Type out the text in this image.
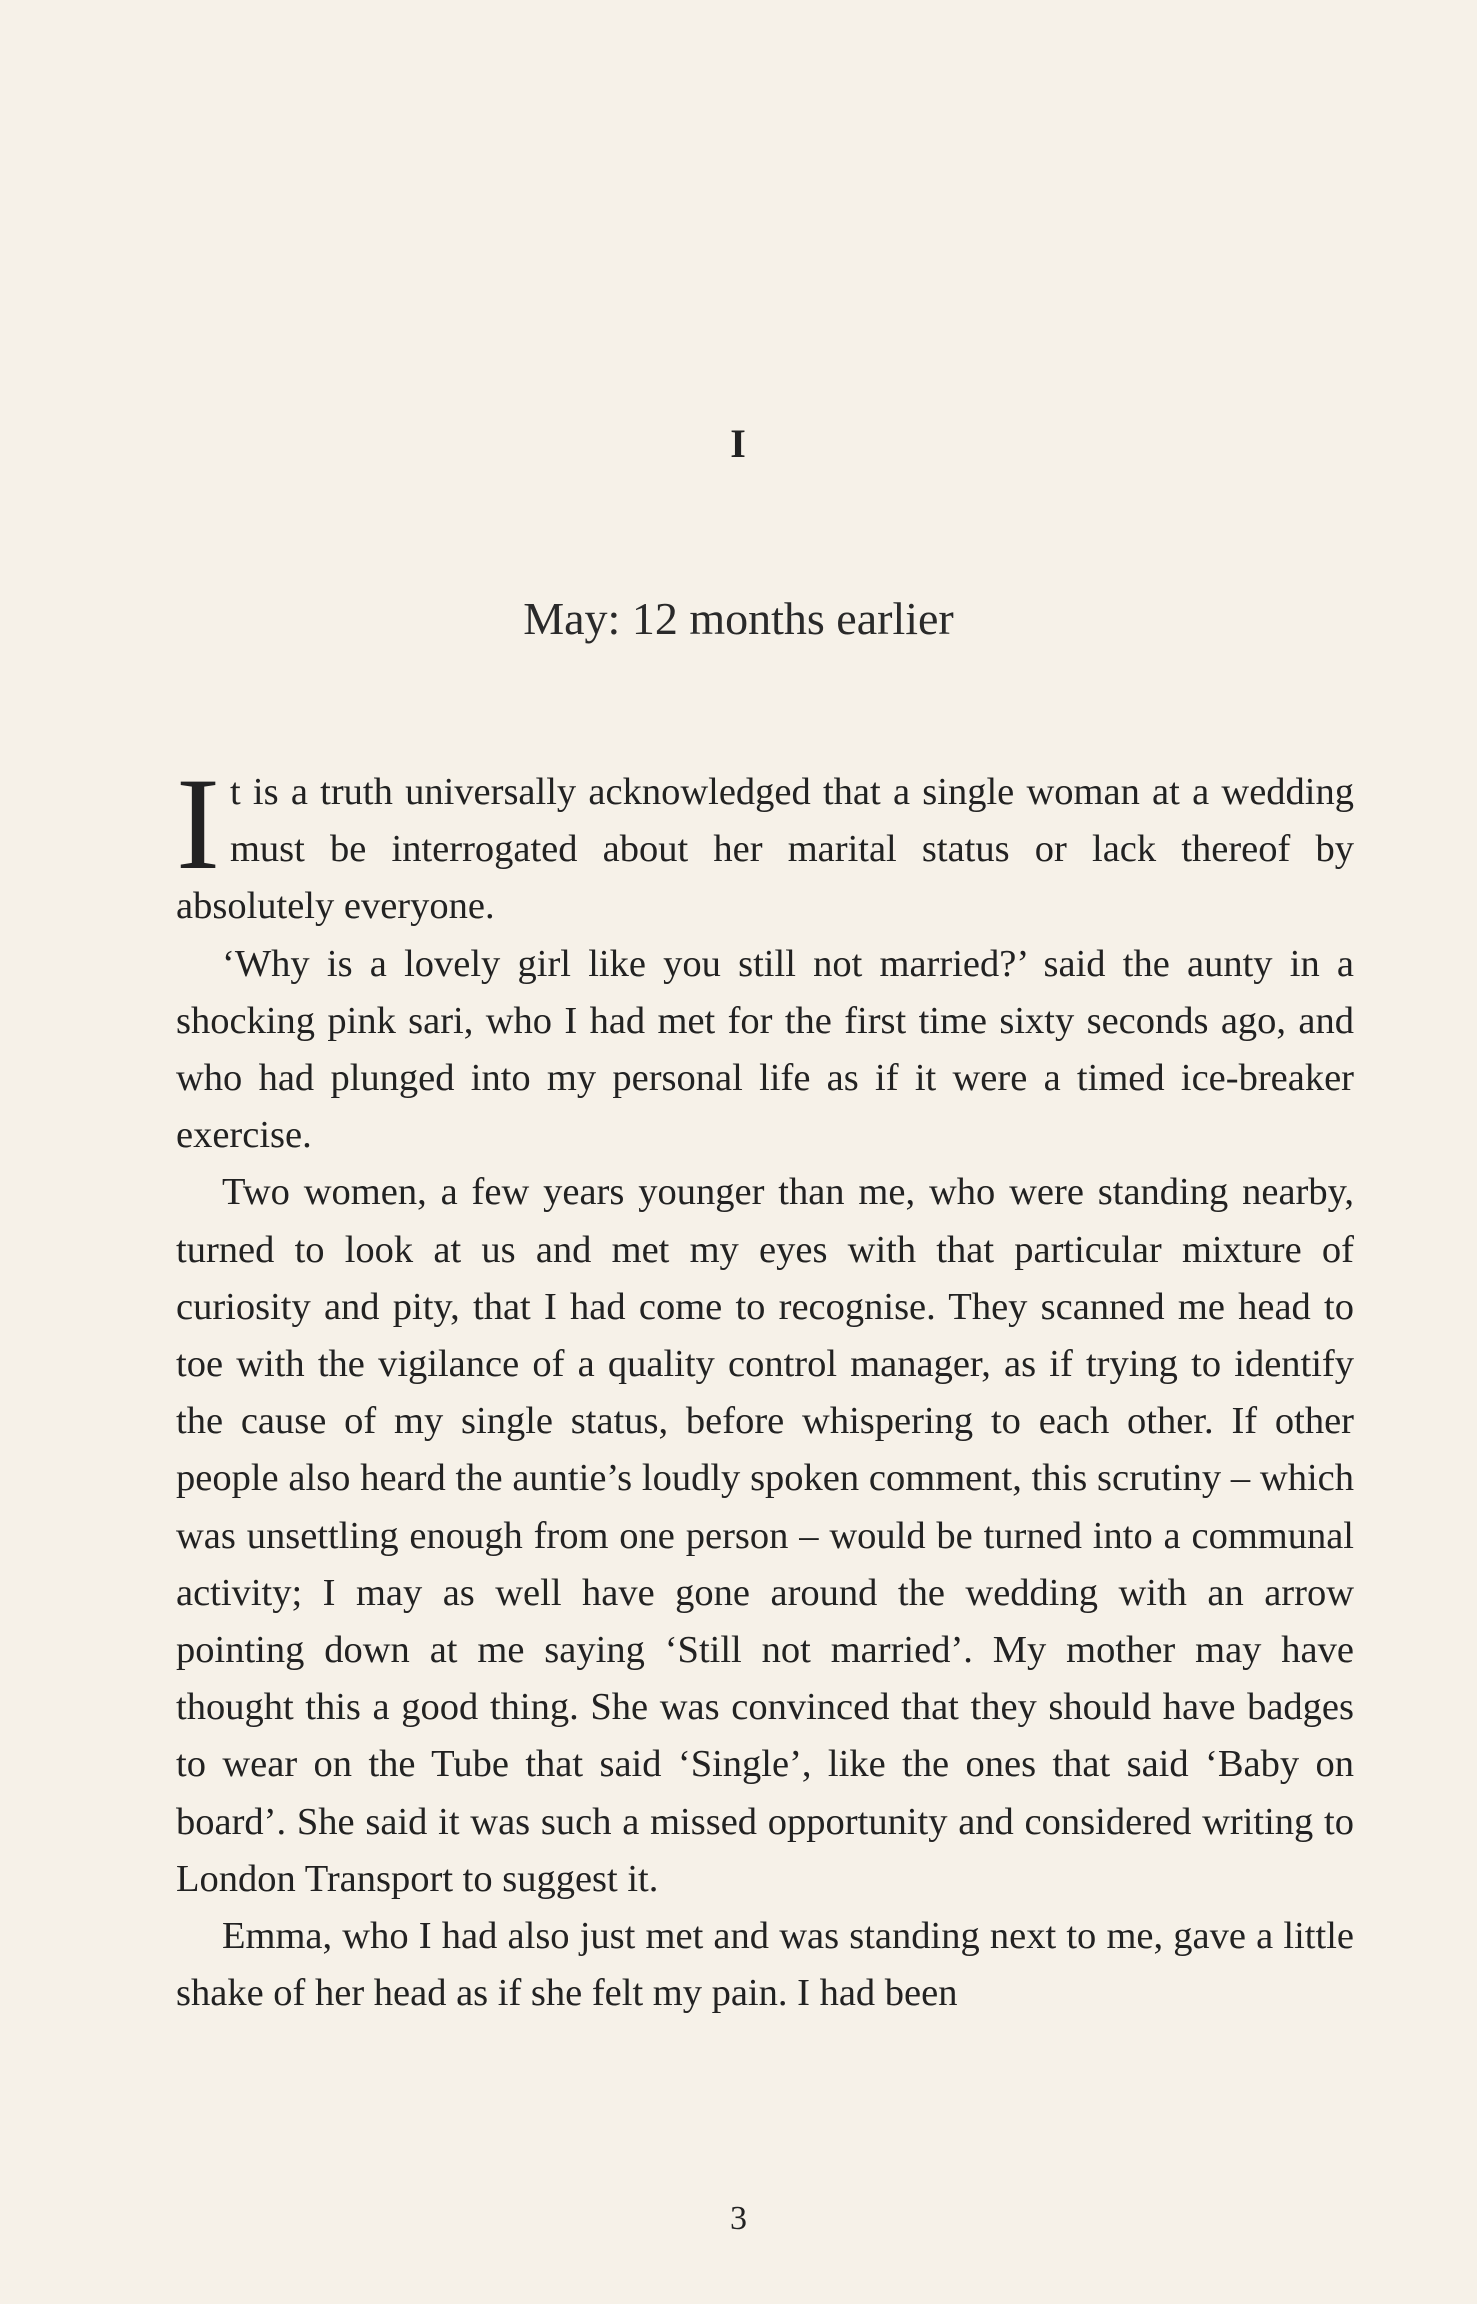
I
May: 12 months earlier

It is a truth universally acknowledged that a single woman at a wedding must be interrogated about her marital status or lack thereof by absolutely everyone.

‘Why is a lovely girl like you still not married?’ said the aunty in a shocking pink sari, who I had met for the first time sixty seconds ago, and who had plunged into my personal life as if it were a timed ice-breaker exercise.

Two women, a few years younger than me, who were standing nearby, turned to look at us and met my eyes with that particular mixture of curiosity and pity, that I had come to recognise. They scanned me head to toe with the vigilance of a quality control manager, as if trying to identify the cause of my single status, before whispering to each other. If other people also heard the auntie’s loudly spoken comment, this scrutiny – which was unsettling enough from one person – would be turned into a communal activity; I may as well have gone around the wedding with an arrow pointing down at me saying ‘Still not married’. My mother may have thought this a good thing. She was convinced that they should have badges to wear on the Tube that said ‘Single’, like the ones that said ‘Baby on board’. She said it was such a missed opportunity and considered writing to London Transport to suggest it.

Emma, who I had also just met and was standing next to me, gave a little shake of her head as if she felt my pain. I had been

3
